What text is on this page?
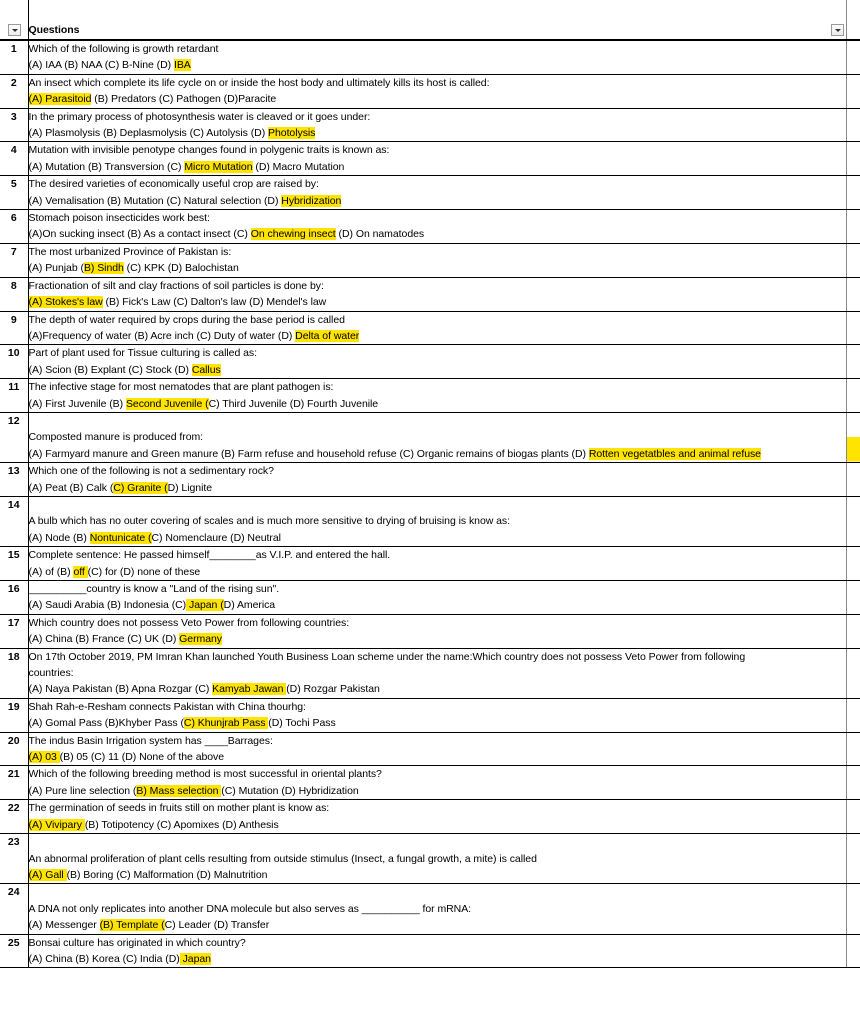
	Questions	

1	Which of the following is growth retardant
(A) IAA (B) NAA (C) B-Nine (D) IBA	

2	An insect which complete its life cycle on or inside the host body and ultimately kills its host is called:
(A) Parasitoid (B) Predators (C) Pathogen (D)Paracite	

3	In the primary process of photosynthesis water is cleaved or it goes under:
(A) Plasmolysis (B) Deplasmolysis (C) Autolysis (D) Photolysis	

4	Mutation with invisible penotype changes found in polygenic traits is known as:
(A) Mutation (B) Transversion (C) Micro Mutation (D) Macro Mutation	

5	The desired varieties of economically useful crop are raised by:
(A) Vemalisation (B) Mutation (C) Natural selection (D) Hybridization	

6	Stomach poison insecticides work best:
(A)On sucking insect (B) As a contact insect (C) On chewing insect (D) On namatodes	

7	The most urbanized Province of Pakistan is:
(A) Punjab (B) Sindh (C) KPK (D) Balochistan	

8	Fractionation of silt and clay fractions of soil particles is done by:
(A) Stokes's law (B) Fick's Law (C) Dalton's law (D) Mendel's law	

9	The depth of water required by crops during the base period is called
(A)Frequency of water (B) Acre inch (C) Duty of water (D) Delta of water	

10	Part of plant used for Tissue culturing is called as:
(A) Scion (B) Explant (C) Stock (D) Callus	

11	The infective stage for most nematodes that are plant pathogen is:
(A) First Juvenile (B) Second Juvenile (C) Third Juvenile (D) Fourth Juvenile	

12	Composted manure is produced from:
(A) Farmyard manure and Green manure (B) Farm refuse and household refuse (C) Organic remains of biogas plants (D) Rotten vegetatbles and animal refuse	

13	Which one of the following is not a sedimentary rock?
(A) Peat (B) Calk (C) Granite (D) Lignite	

14	A bulb which has no outer covering of scales and is much more sensitive to drying of bruising is know as:
(A) Node (B) Nontunicate (C) Nomenclaure (D) Neutral	

15	Complete sentence: He passed himself________as V.I.P. and entered the hall.
(A) of (B) off (C) for (D) none of these	

16	__________country is know a "Land of the rising sun".
(A) Saudi Arabia (B) Indonesia (C) Japan (D) America	

17	Which country does not possess Veto Power from following countries:
(A) China (B) France (C) UK (D) Germany	

18	On 17th October 2019, PM Imran Khan launched Youth Business Loan scheme under the name:Which country does not possess Veto Power from following
countries:
(A) Naya Pakistan (B) Apna Rozgar (C) Kamyab Jawan (D) Rozgar Pakistan	

19	Shah Rah-e-Resham connects Pakistan with China thourhg:
(A) Gomal Pass (B)Khyber Pass (C) Khunjrab Pass (D) Tochi Pass	

20	The indus Basin Irrigation system has ____Barrages:
(A) 03 (B) 05 (C) 11 (D) None of the above	

21	Which of the following breeding method is most successful in oriental plants?
(A) Pure line selection (B) Mass selection (C) Mutation (D) Hybridization	

22	The germination of seeds in fruits still on mother plant is know as:
(A) Vivipary (B) Totipotency (C) Apomixes (D) Anthesis	

23	An abnormal proliferation of plant cells resulting from outside stimulus (Insect, a fungal growth, a mite) is called
(A) Gall (B) Boring (C) Malformation (D) Malnutrition	

24	A DNA not only replicates into another DNA molecule but also serves as __________ for mRNA:
(A) Messenger (B) Template (C) Leader (D) Transfer	

25	Bonsai culture has originated in which country?
(A) China (B) Korea (C) India (D) Japan	
